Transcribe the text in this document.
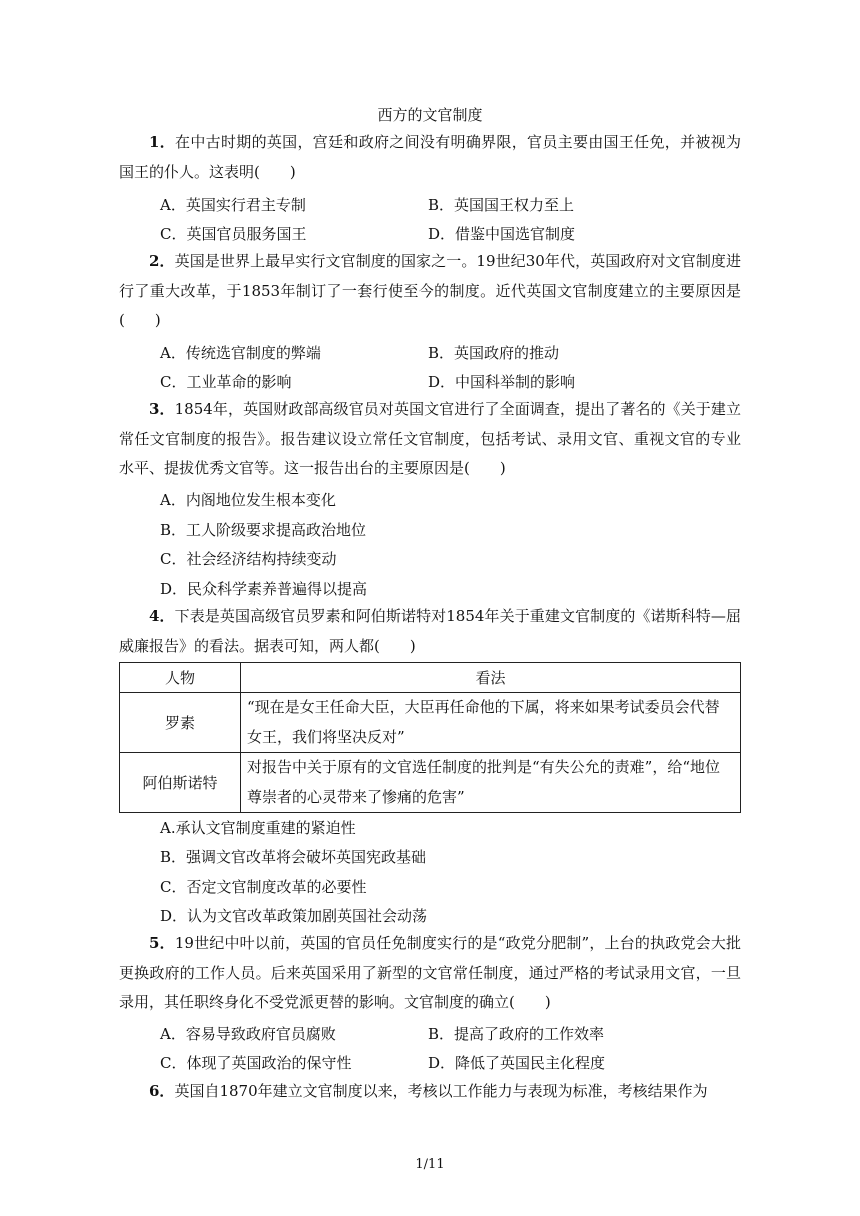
西方的文官制度
1．在中古时期的英国，宫廷和政府之间没有明确界限，官员主要由国王任免，并被视为国王的仆人。这表明(　　)
A．英国实行君主专制	B．英国国王权力至上
C．英国官员服务国王	D．借鉴中国选官制度
2．英国是世界上最早实行文官制度的国家之一。19世纪30年代，英国政府对文官制度进行了重大改革，于1853年制订了一套行使至今的制度。近代英国文官制度建立的主要原因是(　　)
A．传统选官制度的弊端	B．英国政府的推动
C．工业革命的影响	D．中国科举制的影响
3．1854年，英国财政部高级官员对英国文官进行了全面调查，提出了著名的《关于建立常任文官制度的报告》。报告建议设立常任文官制度，包括考试、录用文官、重视文官的专业水平、提拔优秀文官等。这一报告出台的主要原因是(　　)
A．内阁地位发生根本变化
B．工人阶级要求提高政治地位
C．社会经济结构持续变动
D．民众科学素养普遍得以提高
4．下表是英国高级官员罗素和阿伯斯诺特对1854年关于重建文官制度的《诺斯科特—屈威廉报告》的看法。据表可知，两人都(　　)
人物	看法
罗素	“现在是女王任命大臣，大臣再任命他的下属，将来如果考试委员会代替女王，我们将坚决反对”
阿伯斯诺特	对报告中关于原有的文官选任制度的批判是“有失公允的责难”，给“地位尊崇者的心灵带来了惨痛的危害”
A.承认文官制度重建的紧迫性
B．强调文官改革将会破坏英国宪政基础
C．否定文官制度改革的必要性
D．认为文官改革政策加剧英国社会动荡
5．19世纪中叶以前，英国的官员任免制度实行的是“政党分肥制”，上台的执政党会大批更换政府的工作人员。后来英国采用了新型的文官常任制度，通过严格的考试录用文官，一旦录用，其任职终身化不受党派更替的影响。文官制度的确立(　　)
A．容易导致政府官员腐败	B．提高了政府的工作效率
C．体现了英国政治的保守性	D．降低了英国民主化程度
6．英国自1870年建立文官制度以来，考核以工作能力与表现为标准，考核结果作为
1/11
